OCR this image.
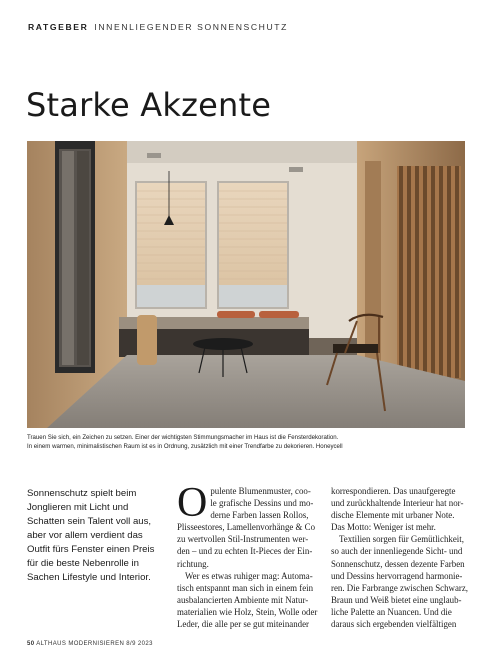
RATGEBER INNENLIEGENDER SONNENSCHUTZ
Starke Akzente

Trauen Sie sich, ein Zeichen zu setzen. Einer der wichtigsten Stimmungsmacher im Haus ist die Fensterdekoration.

In einem warmen, minimalistischen Raum ist es in Ordnung, zusätzlich mit einer Trendfarbe zu dekorieren. Honeycell

Sonnenschutz spielt beim Jonglieren mit Licht und Schatten sein Talent voll aus, aber vor allem verdient das Outfit fürs Fenster einen Preis für die beste Nebenrolle in Sachen Lifestyle und Interior.

O pulente Blumenmuster, coo-
le grafische Dessins und mo-
derne Farben lassen Rollos,
Plisseestores, Lamellenvorhänge & Co
zu wertvollen Stil-Instrumenten wer-
den – und zu echten It-Pieces der Ein-
richtung.
Wer es etwas ruhiger mag: Automa-
tisch entspannt man sich in einem fein
ausbalancierten Ambiente mit Natur-
materialien wie Holz, Stein, Wolle oder
Leder, die alle per se gut miteinander
korrespondieren. Das unaufgeregte
und zurückhaltende Interieur hat nor-
dische Elemente mit urbaner Note.
Das Motto: Weniger ist mehr.
Textilien sorgen für Gemütlichkeit,
so auch der innenliegende Sicht- und
Sonnenschutz, dessen dezente Farben
und Dessins hervorragend harmonie-
ren. Die Farbrange zwischen Schwarz,
Braun und Weiß bietet eine unglaub-
liche Palette an Nuancen. Und die
daraus sich ergebenden vielfältigen
50 ALTHAUS MODERNISIEREN 8/9 2023
